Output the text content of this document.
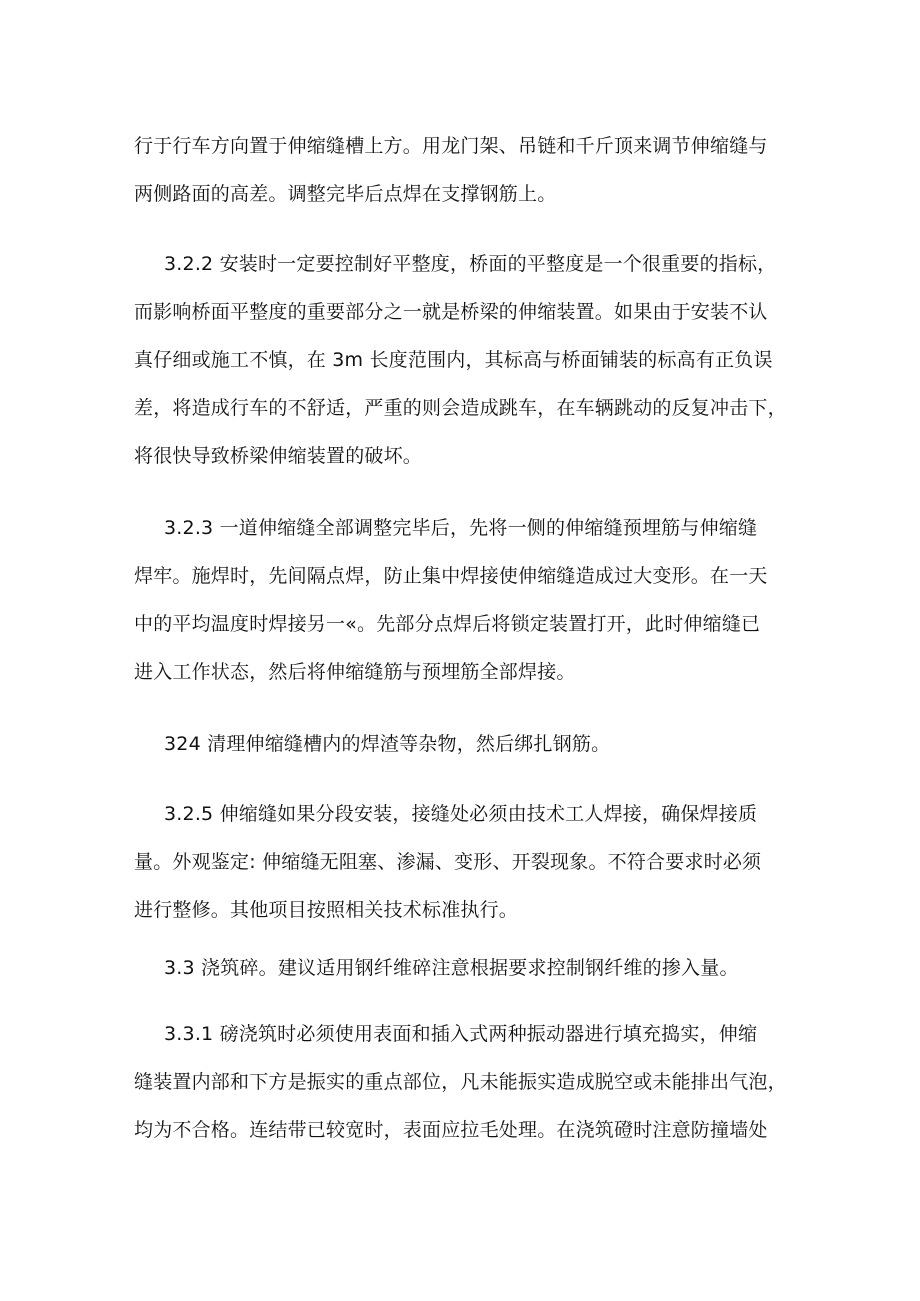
行于行车方向置于伸缩缝槽上方。用龙门架、吊链和千斤顶来调节伸缩缝与
两侧路面的高差。调整完毕后点焊在支撑钢筋上。
3.2.2 安装时一定要控制好平整度，桥面的平整度是一个很重要的指标，
而影响桥面平整度的重要部分之一就是桥梁的伸缩装置。如果由于安装不认
真仔细或施工不慎，在 3m 长度范围内，其标高与桥面铺装的标高有正负误
差，将造成行车的不舒适，严重的则会造成跳车，在车辆跳动的反复冲击下，
将很快导致桥梁伸缩装置的破坏。
3.2.3 一道伸缩缝全部调整完毕后，先将一侧的伸缩缝预埋筋与伸缩缝
焊牢。施焊时，先间隔点焊，防止集中焊接使伸缩缝造成过大变形。在一天
中的平均温度时焊接另一«。先部分点焊后将锁定装置打开，此时伸缩缝已
进入工作状态，然后将伸缩缝筋与预埋筋全部焊接。
324 清理伸缩缝槽内的焊渣等杂物，然后绑扎钢筋。
3.2.5 伸缩缝如果分段安装，接缝处必须由技术工人焊接，确保焊接质
量。外观鉴定: 伸缩缝无阻塞、渗漏、变形、开裂现象。不符合要求时必须
进行整修。其他项目按照相关技术标准执行。
3.3 浇筑碎。建议适用钢纤维碎注意根据要求控制钢纤维的掺入量。
3.3.1 磅浇筑时必须使用表面和插入式两种振动器进行填充捣实，伸缩
缝装置内部和下方是振实的重点部位，凡未能振实造成脱空或未能排出气泡，
均为不合格。连结带已较宽时，表面应拉毛处理。在浇筑磴时注意防撞墙处
